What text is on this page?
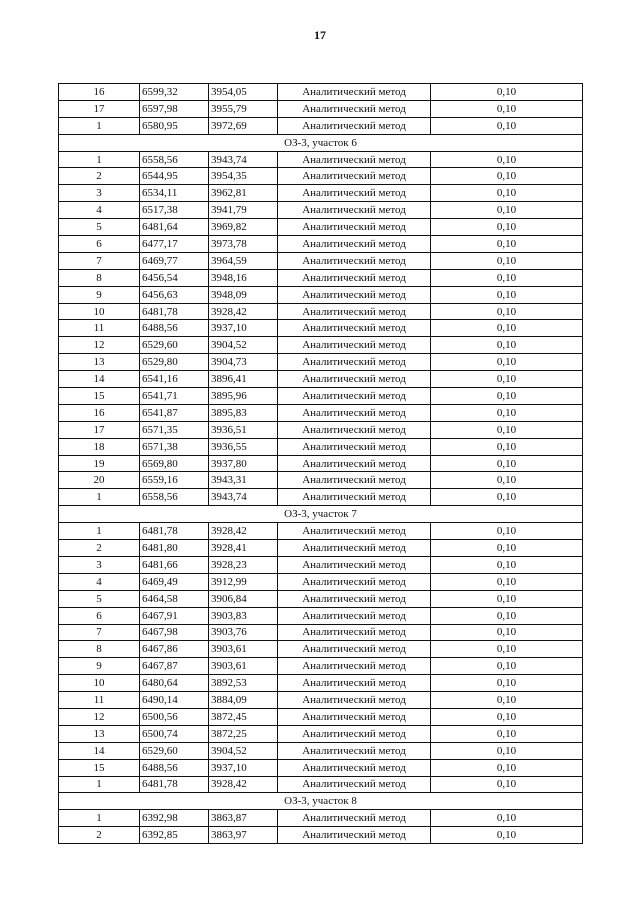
17
16	6599,32	3954,05	Аналитический метод	0,10
17	6597,98	3955,79	Аналитический метод	0,10
1	6580,95	3972,69	Аналитический метод	0,10
ОЗ-3, участок 6				
1	6558,56	3943,74	Аналитический метод	0,10
2	6544,95	3954,35	Аналитический метод	0,10
3	6534,11	3962,81	Аналитический метод	0,10
4	6517,38	3941,79	Аналитический метод	0,10
5	6481,64	3969,82	Аналитический метод	0,10
6	6477,17	3973,78	Аналитический метод	0,10
7	6469,77	3964,59	Аналитический метод	0,10
8	6456,54	3948,16	Аналитический метод	0,10
9	6456,63	3948,09	Аналитический метод	0,10
10	6481,78	3928,42	Аналитический метод	0,10
11	6488,56	3937,10	Аналитический метод	0,10
12	6529,60	3904,52	Аналитический метод	0,10
13	6529,80	3904,73	Аналитический метод	0,10
14	6541,16	3896,41	Аналитический метод	0,10
15	6541,71	3895,96	Аналитический метод	0,10
16	6541,87	3895,83	Аналитический метод	0,10
17	6571,35	3936,51	Аналитический метод	0,10
18	6571,38	3936,55	Аналитический метод	0,10
19	6569,80	3937,80	Аналитический метод	0,10
20	6559,16	3943,31	Аналитический метод	0,10
1	6558,56	3943,74	Аналитический метод	0,10
ОЗ-3, участок 7				
1	6481,78	3928,42	Аналитический метод	0,10
2	6481,80	3928,41	Аналитический метод	0,10
3	6481,66	3928,23	Аналитический метод	0,10
4	6469,49	3912,99	Аналитический метод	0,10
5	6464,58	3906,84	Аналитический метод	0,10
6	6467,91	3903,83	Аналитический метод	0,10
7	6467,98	3903,76	Аналитический метод	0,10
8	6467,86	3903,61	Аналитический метод	0,10
9	6467,87	3903,61	Аналитический метод	0,10
10	6480,64	3892,53	Аналитический метод	0,10
11	6490,14	3884,09	Аналитический метод	0,10
12	6500,56	3872,45	Аналитический метод	0,10
13	6500,74	3872,25	Аналитический метод	0,10
14	6529,60	3904,52	Аналитический метод	0,10
15	6488,56	3937,10	Аналитический метод	0,10
1	6481,78	3928,42	Аналитический метод	0,10
ОЗ-3, участок 8				
1	6392,98	3863,87	Аналитический метод	0,10
2	6392,85	3863,97	Аналитический метод	0,10
